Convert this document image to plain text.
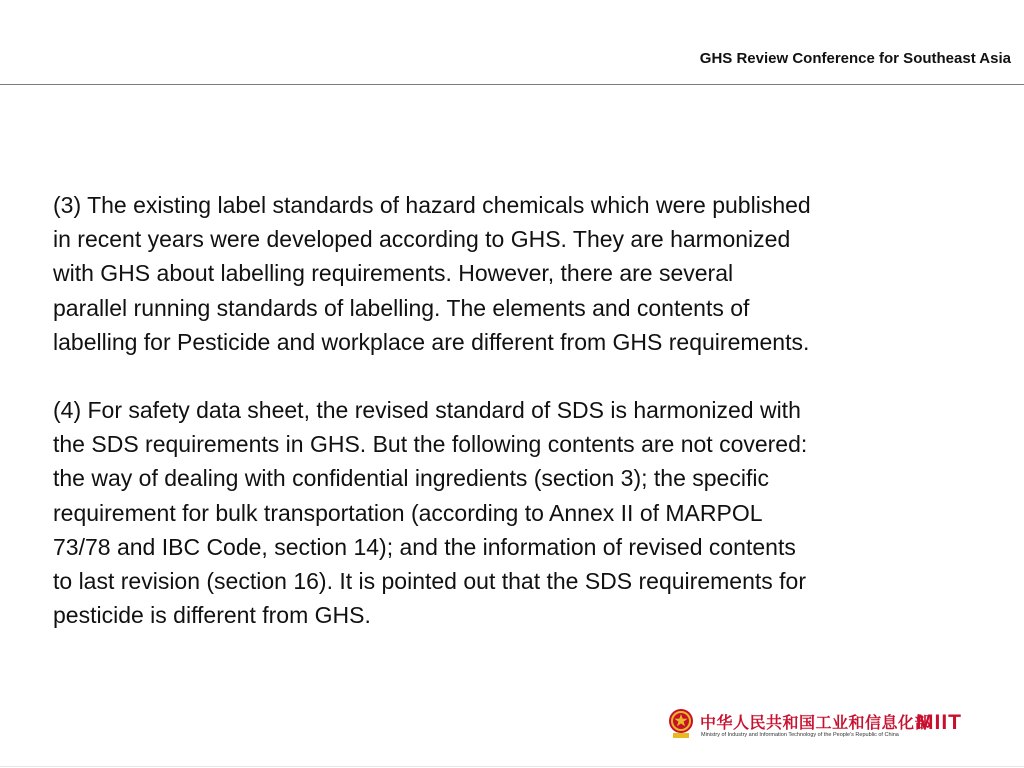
GHS Review Conference for Southeast Asia

(3) The existing label standards of hazard chemicals which were published
in recent years were developed according to GHS. They are harmonized
with GHS about labelling requirements. However, there are several
parallel running standards of labelling. The elements and contents of
labelling for Pesticide and workplace are different from GHS requirements.

(4) For safety data sheet, the revised standard of SDS is harmonized with
the SDS requirements in GHS. But the following contents are not covered:
the way of dealing with confidential ingredients (section 3); the specific
requirement for bulk transportation (according to Annex II of MARPOL
73/78 and IBC Code, section 14); and the information of revised contents
to last revision (section 16). It is pointed out that the SDS requirements for
pesticide is different from GHS.

中华人民共和国工业和信息化部
Ministry of Industry and Information Technology of the People's Republic of China
MIIT
